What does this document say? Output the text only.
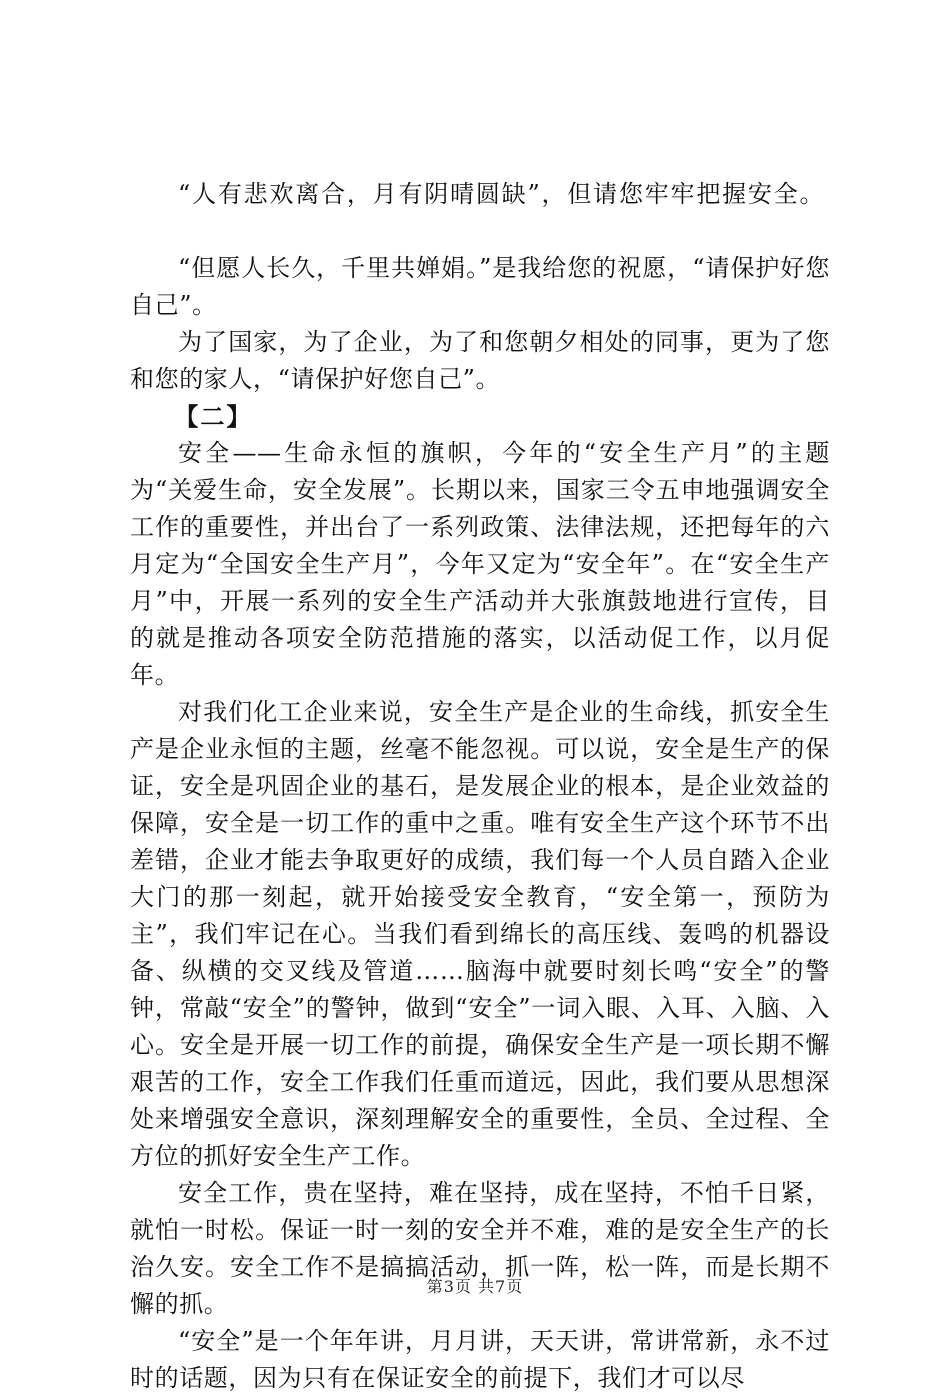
“人有悲欢离合，月有阴晴圆缺”，但请您牢牢把握安全。

“但愿人长久，千里共婵娟。”是我给您的祝愿，“请保护好您自己”。

为了国家，为了企业，为了和您朝夕相处的同事，更为了您和您的家人，“请保护好您自己”。

【二】

安全——生命永恒的旗帜，今年的“安全生产月”的主题为“关爱生命，安全发展”。长期以来，国家三令五申地强调安全工作的重要性，并出台了一系列政策、法律法规，还把每年的六月定为“全国安全生产月”，今年又定为“安全年”。在“安全生产月”中，开展一系列的安全生产活动并大张旗鼓地进行宣传，目的就是推动各项安全防范措施的落实，以活动促工作，以月促年。

对我们化工企业来说，安全生产是企业的生命线，抓安全生产是企业永恒的主题，丝毫不能忽视。可以说，安全是生产的保证，安全是巩固企业的基石，是发展企业的根本，是企业效益的保障，安全是一切工作的重中之重。唯有安全生产这个环节不出差错，企业才能去争取更好的成绩，我们每一个人员自踏入企业大门的那一刻起，就开始接受安全教育，“安全第一，预防为主”，我们牢记在心。当我们看到绵长的高压线、轰鸣的机器设备、纵横的交叉线及管道……脑海中就要时刻长鸣“安全”的警钟，常敲“安全”的警钟，做到“安全”一词入眼、入耳、入脑、入心。安全是开展一切工作的前提，确保安全生产是一项长期不懈艰苦的工作，安全工作我们任重而道远，因此，我们要从思想深处来增强安全意识，深刻理解安全的重要性，全员、全过程、全方位的抓好安全生产工作。

安全工作，贵在坚持，难在坚持，成在坚持，不怕千日紧，就怕一时松。保证一时一刻的安全并不难，难的是安全生产的长治久安。安全工作不是搞搞活动，抓一阵，松一阵，而是长期不懈的抓。

“安全”是一个年年讲，月月讲，天天讲，常讲常新，永不过时的话题，因为只有在保证安全的前提下，我们才可以尽

第3页 共7页
